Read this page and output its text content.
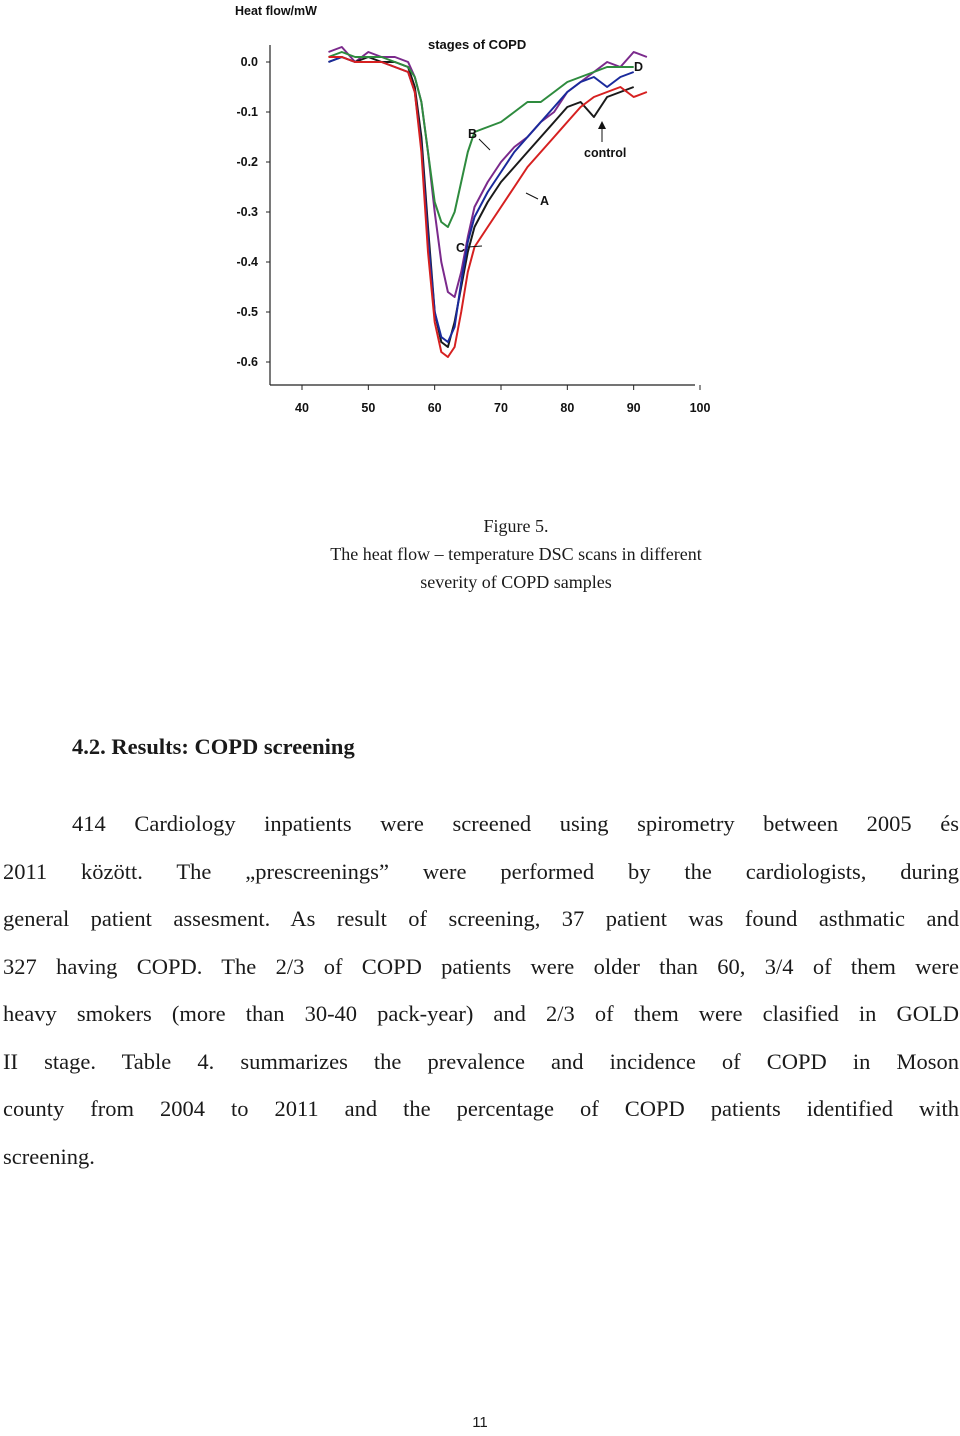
Heat flow/mW
0.0
-0.1
-0.2
-0.3
-0.4
-0.5
-0.6
40	50	60	70	80	90	100
stages of COPD
B
D
control
A
C
Figure 5.
The heat flow – temperature DSC scans in different
severity of COPD samples
4.2. Results: COPD screening
414 Cardiology inpatients were screened using spirometry between 2005 és
2011 között. The „prescreenings” were performed by the cardiologists, during
general patient assesment. As result of screening, 37 patient was found asthmatic and
327 having COPD. The 2/3 of COPD patients were older than 60, 3/4 of them were
heavy smokers (more than 30-40 pack-year) and 2/3 of them were clasified in GOLD
II stage. Table 4. summarizes the prevalence and incidence of COPD in Moson
county from 2004 to 2011 and the percentage of COPD patients identified with
screening.
11
